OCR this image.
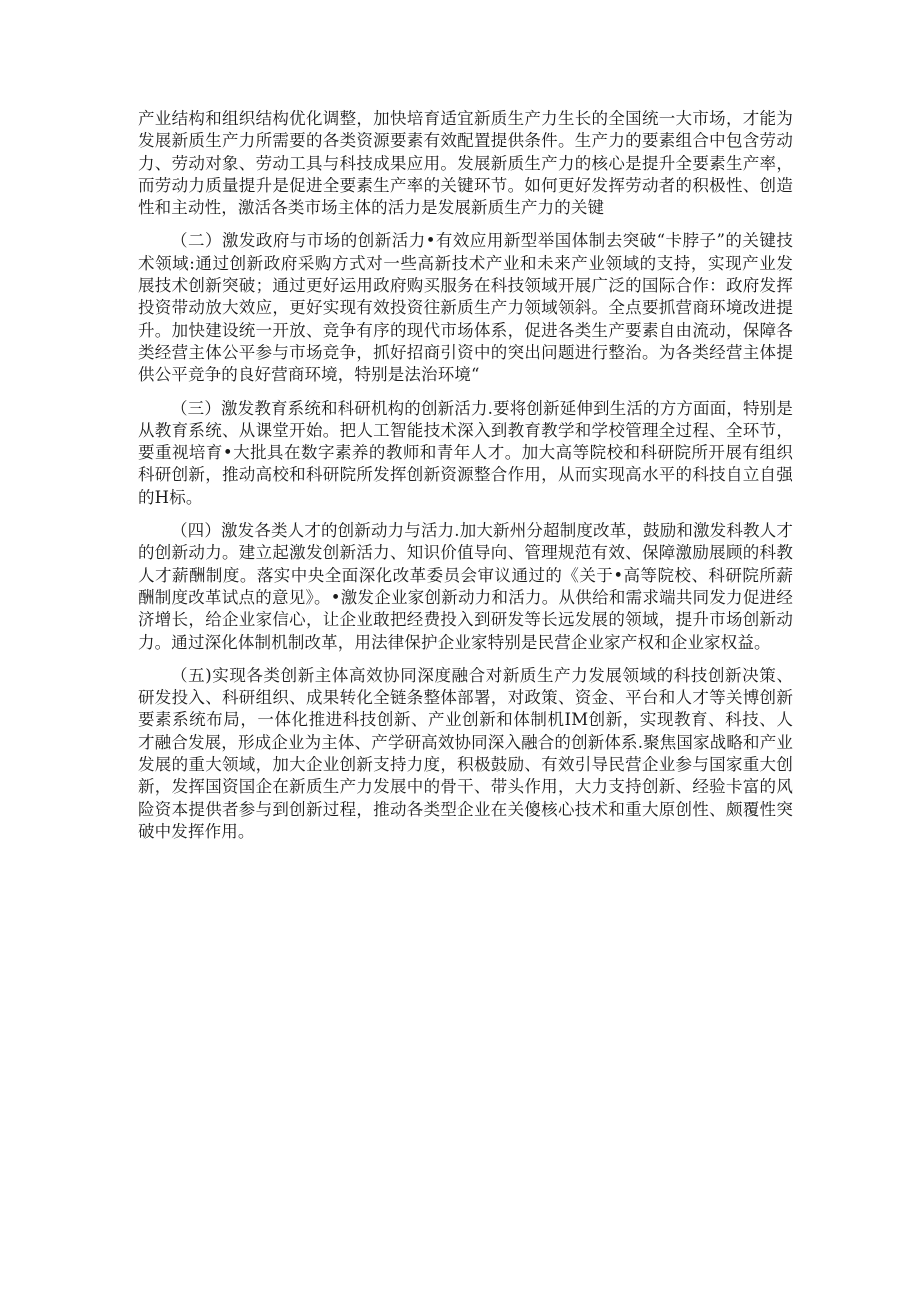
产业结构和组织结构优化调整，加快培育适宜新质生产力生长的全国统一大市场，才能为发展新质生产力所需要的各类资源要素有效配置提供条件。生产力的要素组合中包含劳动力、劳动对象、劳动工具与科技成果应用。发展新质生产力的核心是提升全要素生产率，而劳动力质量提升是促进全要素生产率的关键环节。如何更好发挥劳动者的积极性、创造性和主动性，激活各类市场主体的活力是发展新质生产力的关键

（二）激发政府与市场的创新活力•有效应用新型举国体制去突破“卡脖子”的关键技术领域:通过创新政府采购方式对一些高新技术产业和未来产业领域的支持，实现产业发展技术创新突破；通过更好运用政府购买服务在科技领域开展广泛的国际合作：政府发挥投资带动放大效应，更好实现有效投资往新质生产力领域领斜。全点要抓营商环境改进提升。加快建设统一开放、竞争有序的现代市场体系，促进各类生产要素自由流动，保障各类经营主体公平参与市场竞争，抓好招商引资中的突出问题进行整治。为各类经营主体提供公平竞争的良好营商环境，特别是法治环境“

（三）激发教育系统和科研机构的创新活力.要将创新延伸到生活的方方面面，特别是从教育系统、从课堂开始。把人工智能技术深入到教育教学和学校管理全过程、全环节，要重视培育•大批具在数字素养的教师和青年人才。加大高等院校和科研院所开展有组织科研创新，推动高校和科研院所发挥创新资源整合作用，从而实现高水平的科技自立自强的H标。

（四）激发各类人才的创新动力与活力.加大新州分超制度改革，鼓励和激发科教人才的创新动力。建立起激发创新活力、知识价值导向、管理规范有效、保障激励展顾的科教人才薪酬制度。落实中央全面深化改革委员会审议通过的《关于•高等院校、科研院所薪酬制度改革试点的意见》。•激发企业家创新动力和活力。从供给和需求端共同发力促进经济增长，给企业家信心，让企业敢把经费投入到研发等长远发展的领域，提升市场创新动力。通过深化体制机制改革，用法律保护企业家特别是民营企业家产权和企业家权益。

（五)实现各类创新主体高效协同深度融合对新质生产力发展领域的科技创新决策、研发投入、科研组织、成果转化全链条整体部署，对政策、资金、平台和人才等关博创新要素系统布局，一体化推进科技创新、产业创新和体制机IM创新，实现教育、科技、人才融合发展，形成企业为主体、产学研高效协同深入融合的创新体系.聚焦国家战略和产业发展的重大领域，加大企业创新支持力度，积极鼓励、有效引导民营企业参与国家重大创新，发挥国资国企在新质生产力发展中的骨干、带头作用，大力支持创新、经验卡富的风险资本提供者参与到创新过程，推动各类型企业在关傻核心技术和重大原创性、颇覆性突破中发挥作用。
